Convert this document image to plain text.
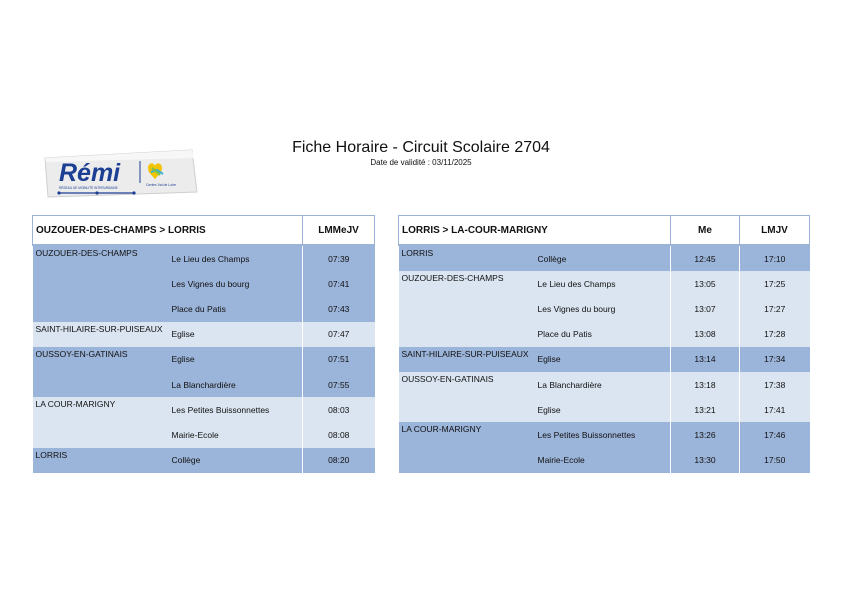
Fiche Horaire - Circuit Scolaire 2704
Date de validité : 03/11/2025
Rémi	Centre-Val de Loire
RÉSEAU DE MOBILITÉ INTERURBAINE
OUZOUER-DES-CHAMPS > LORRIS		LMMeJV
OUZOUER-DES-CHAMPS	Le Lieu des Champs	07:39
	Les Vignes du bourg	07:41
	Place du Patis	07:43
SAINT-HILAIRE-SUR-PUISEAUX	Eglise	07:47
OUSSOY-EN-GATINAIS	Eglise	07:51
	La Blanchardière	07:55
LA COUR-MARIGNY	Les Petites Buissonnettes	08:03
	Mairie-Ecole	08:08
LORRIS	Collège	08:20
LORRIS > LA-COUR-MARIGNY		Me	LMJV
LORRIS	Collège	12:45	17:10
OUZOUER-DES-CHAMPS	Le Lieu des Champs	13:05	17:25
	Les Vignes du bourg	13:07	17:27
	Place du Patis	13:08	17:28
SAINT-HILAIRE-SUR-PUISEAUX	Eglise	13:14	17:34
OUSSOY-EN-GATINAIS	La Blanchardière	13:18	17:38
	Eglise	13:21	17:41
LA COUR-MARIGNY	Les Petites Buissonnettes	13:26	17:46
	Mairie-Ecole	13:30	17:50
